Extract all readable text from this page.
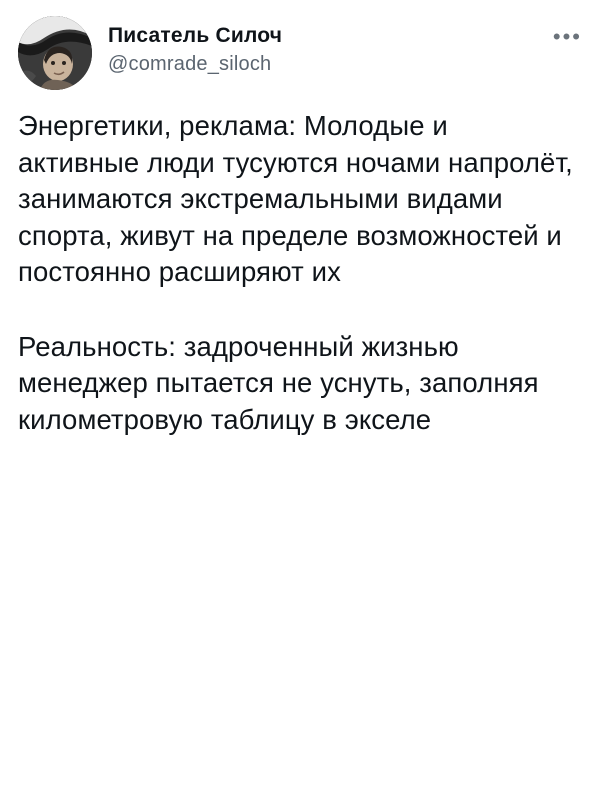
Писатель Силоч
@comrade_siloch
•••

Энергетики, реклама: Молодые и активные люди тусуются ночами напролёт, занимаются экстремальными видами спорта, живут на пределе возможностей и постоянно расширяют их

Реальность: задроченный жизнью менеджер пытается не уснуть, заполняя километровую таблицу в экселе
